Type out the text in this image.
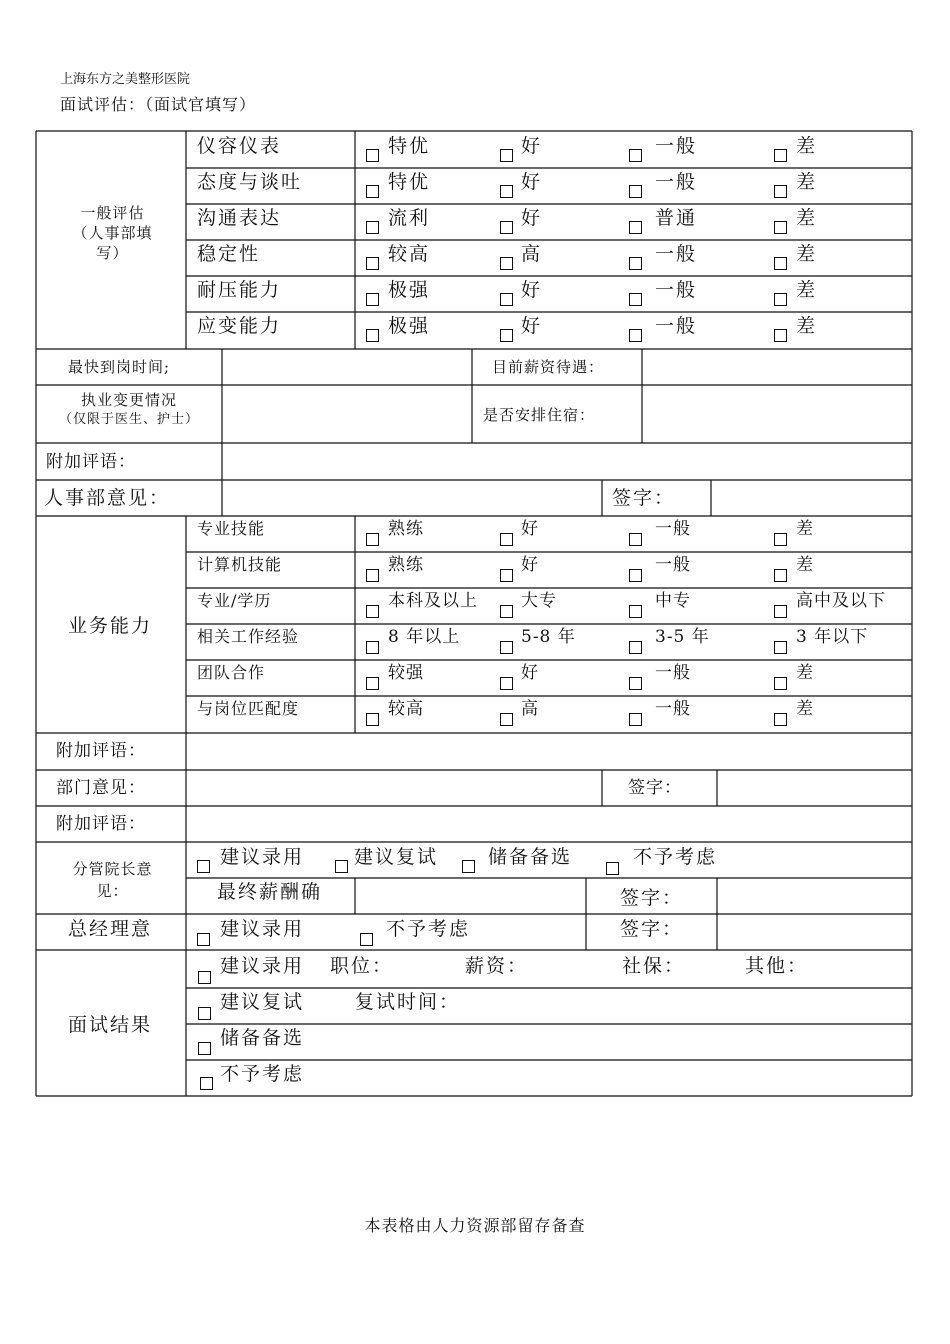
上海东方之美整形医院
面试评估：（面试官填写）
一般评估
（人事部填
写）
仪容仪表	特优	好	一般	差
态度与谈吐	特优	好	一般	差
沟通表达	流利	好	普通	差
稳定性	较高	高	一般	差
耐压能力	极强	好	一般	差
应变能力	极强	好	一般	差
最快到岗时间;	目前薪资待遇：
执业变更情况
（仅限于医生、护士）	是否安排住宿：
附加评语：
人事部意见：	签字：
业务能力
专业技能	熟练	好	一般	差
计算机技能	熟练	好	一般	差
专业/学历	本科及以上	大专	中专	高中及以下
相关工作经验	8 年以上	5-8 年	3-5 年	3 年以下
团队合作	较强	好	一般	差
与岗位匹配度	较高	高	一般	差
附加评语：
部门意见：	签字：
附加评语：
分管院长意
见：
建议录用	建议复试	储备备选	不予考虑
最终薪酬确	签字：
总经理意	建议录用	不予考虑	签字：
面试结果
建议录用 职位：	薪资：	社保：	其他：
建议复试	复试时间：
储备备选
不予考虑
本表格由人力资源部留存备查
